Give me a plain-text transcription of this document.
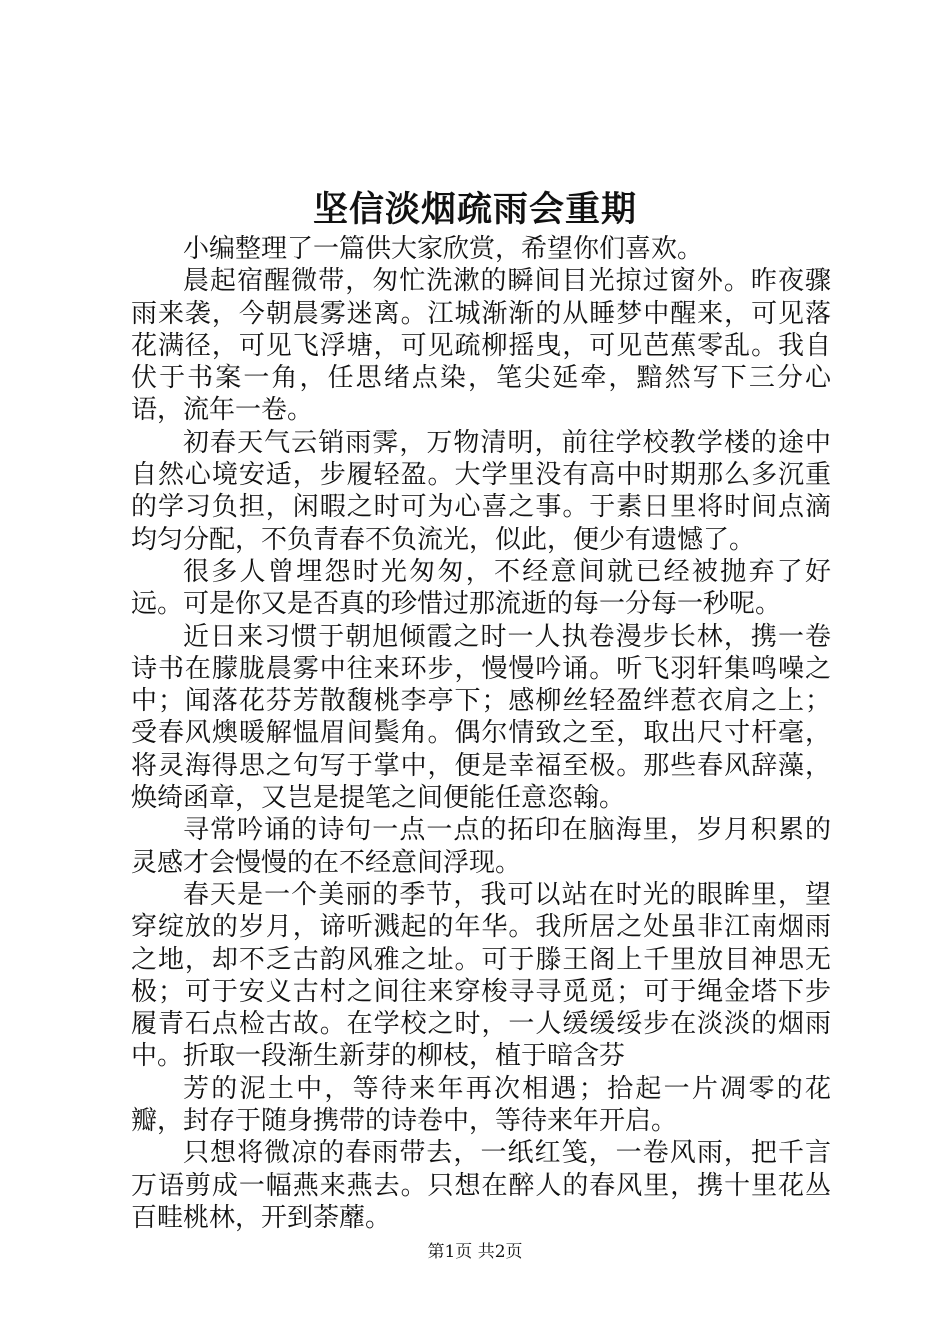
坚信淡烟疏雨会重期

小编整理了一篇供大家欣赏，希望你们喜欢。

晨起宿醒微带，匆忙洗漱的瞬间目光掠过窗外。昨夜骤雨来袭，今朝晨雾迷离。江城渐渐的从睡梦中醒来，可见落花满径，可见飞浮塘，可见疏柳摇曳，可见芭蕉零乱。我自伏于书案一角，任思绪点染，笔尖延牵，黯然写下三分心语，流年一卷。

初春天气云销雨霁，万物清明，前往学校教学楼的途中自然心境安适，步履轻盈。大学里没有高中时期那么多沉重的学习负担，闲暇之时可为心喜之事。于素日里将时间点滴均匀分配，不负青春不负流光，似此，便少有遗憾了。

很多人曾埋怨时光匆匆，不经意间就已经被抛弃了好远。可是你又是否真的珍惜过那流逝的每一分每一秒呢。

近日来习惯于朝旭倾霞之时一人执卷漫步长林，携一卷诗书在朦胧晨雾中往来环步，慢慢吟诵。听飞羽轩集鸣噪之中；闻落花芬芳散馥桃李亭下；感柳丝轻盈绊惹衣肩之上；受春风燠暖解愠眉间鬓角。偶尔情致之至，取出尺寸杆毫，将灵海得思之句写于掌中，便是幸福至极。那些春风辞藻，焕绮函章，又岂是提笔之间便能任意恣翰。

寻常吟诵的诗句一点一点的拓印在脑海里，岁月积累的灵感才会慢慢的在不经意间浮现。

春天是一个美丽的季节，我可以站在时光的眼眸里，望穿绽放的岁月，谛听溅起的年华。我所居之处虽非江南烟雨之地，却不乏古韵风雅之址。可于滕王阁上千里放目神思无极；可于安义古村之间往来穿梭寻寻觅觅；可于绳金塔下步履青石点检古故。在学校之时，一人缓缓绥步在淡淡的烟雨中。折取一段渐生新芽的柳枝，植于暗含芬

芳的泥土中，等待来年再次相遇；拾起一片凋零的花瓣，封存于随身携带的诗卷中，等待来年开启。

只想将微凉的春雨带去，一纸红笺，一卷风雨，把千言万语剪成一幅燕来燕去。只想在醉人的春风里，携十里花丛百畦桃林，开到荼蘼。

第1页 共2页
